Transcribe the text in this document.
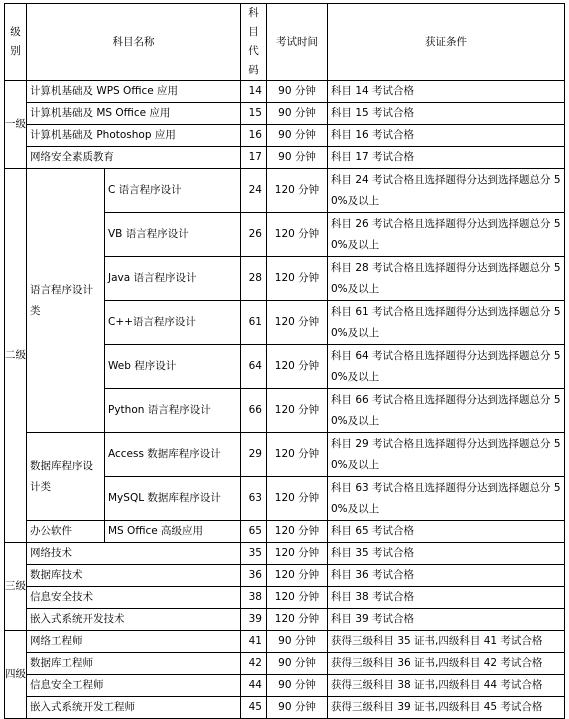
级别	科目名称		科目代码	考试时间	获证条件
一级	计算机基础及 WPS Office 应用		14	90 分钟	科目 14 考试合格
	计算机基础及 MS Office 应用		15	90 分钟	科目 15 考试合格
	计算机基础及 Photoshop 应用		16	90 分钟	科目 16 考试合格
	网络安全素质教育		17	90 分钟	科目 17 考试合格
二级	语言程序设计类	C 语言程序设计	24	120 分钟	科目 24 考试合格且选择题得分达到选择题总分 50%及以上
		VB 语言程序设计	26	120 分钟	科目 26 考试合格且选择题得分达到选择题总分 50%及以上
		Java 语言程序设计	28	120 分钟	科目 28 考试合格且选择题得分达到选择题总分 50%及以上
		C++语言程序设计	61	120 分钟	科目 61 考试合格且选择题得分达到选择题总分 50%及以上
		Web 程序设计	64	120 分钟	科目 64 考试合格且选择题得分达到选择题总分 50%及以上
		Python 语言程序设计	66	120 分钟	科目 66 考试合格且选择题得分达到选择题总分 50%及以上
	数据库程序设计类	Access 数据库程序设计	29	120 分钟	科目 29 考试合格且选择题得分达到选择题总分 50%及以上
		MySQL 数据库程序设计	63	120 分钟	科目 63 考试合格且选择题得分达到选择题总分 50%及以上
	办公软件	MS Office 高级应用	65	120 分钟	科目 65 考试合格
三级	网络技术		35	120 分钟	科目 35 考试合格
	数据库技术		36	120 分钟	科目 36 考试合格
	信息安全技术		38	120 分钟	科目 38 考试合格
	嵌入式系统开发技术		39	120 分钟	科目 39 考试合格
四级	网络工程师		41	90 分钟	获得三级科目 35 证书,四级科目 41 考试合格
	数据库工程师		42	90 分钟	获得三级科目 36 证书,四级科目 42 考试合格
	信息安全工程师		44	90 分钟	获得三级科目 38 证书,四级科目 44 考试合格
	嵌入式系统开发工程师		45	90 分钟	获得三级科目 39 证书,四级科目 45 考试合格
